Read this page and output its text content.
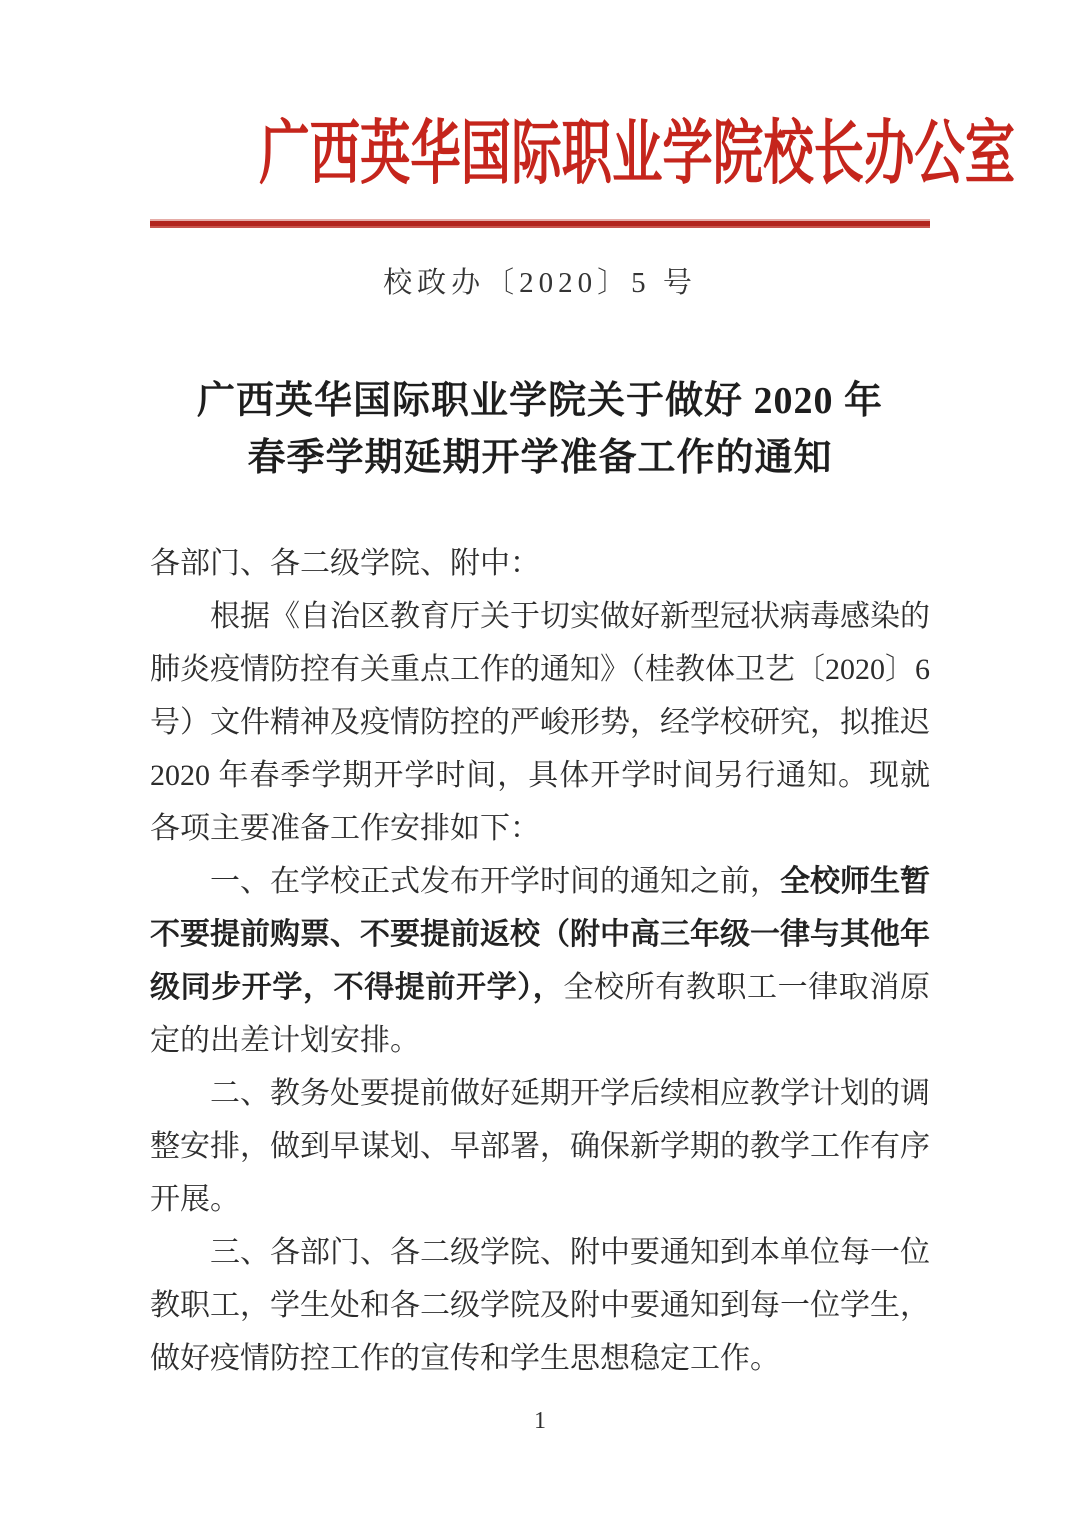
广西英华国际职业学院校长办公室
校政办〔2020〕5 号
广西英华国际职业学院关于做好 2020 年
春季学期延期开学准备工作的通知

各部门、各二级学院、附中：

根据《自治区教育厅关于切实做好新型冠状病毒感染的肺炎疫情防控有关重点工作的通知》（桂教体卫艺〔2020〕6 号）文件精神及疫情防控的严峻形势，经学校研究，拟推迟 2020 年春季学期开学时间，具体开学时间另行通知。现就各项主要准备工作安排如下：

一、在学校正式发布开学时间的通知之前，全校师生暂不要提前购票、不要提前返校（附中高三年级一律与其他年级同步开学，不得提前开学），全校所有教职工一律取消原定的出差计划安排。

二、教务处要提前做好延期开学后续相应教学计划的调整安排，做到早谋划、早部署，确保新学期的教学工作有序开展。

三、各部门、各二级学院、附中要通知到本单位每一位教职工，学生处和各二级学院及附中要通知到每一位学生，做好疫情防控工作的宣传和学生思想稳定工作。

1
